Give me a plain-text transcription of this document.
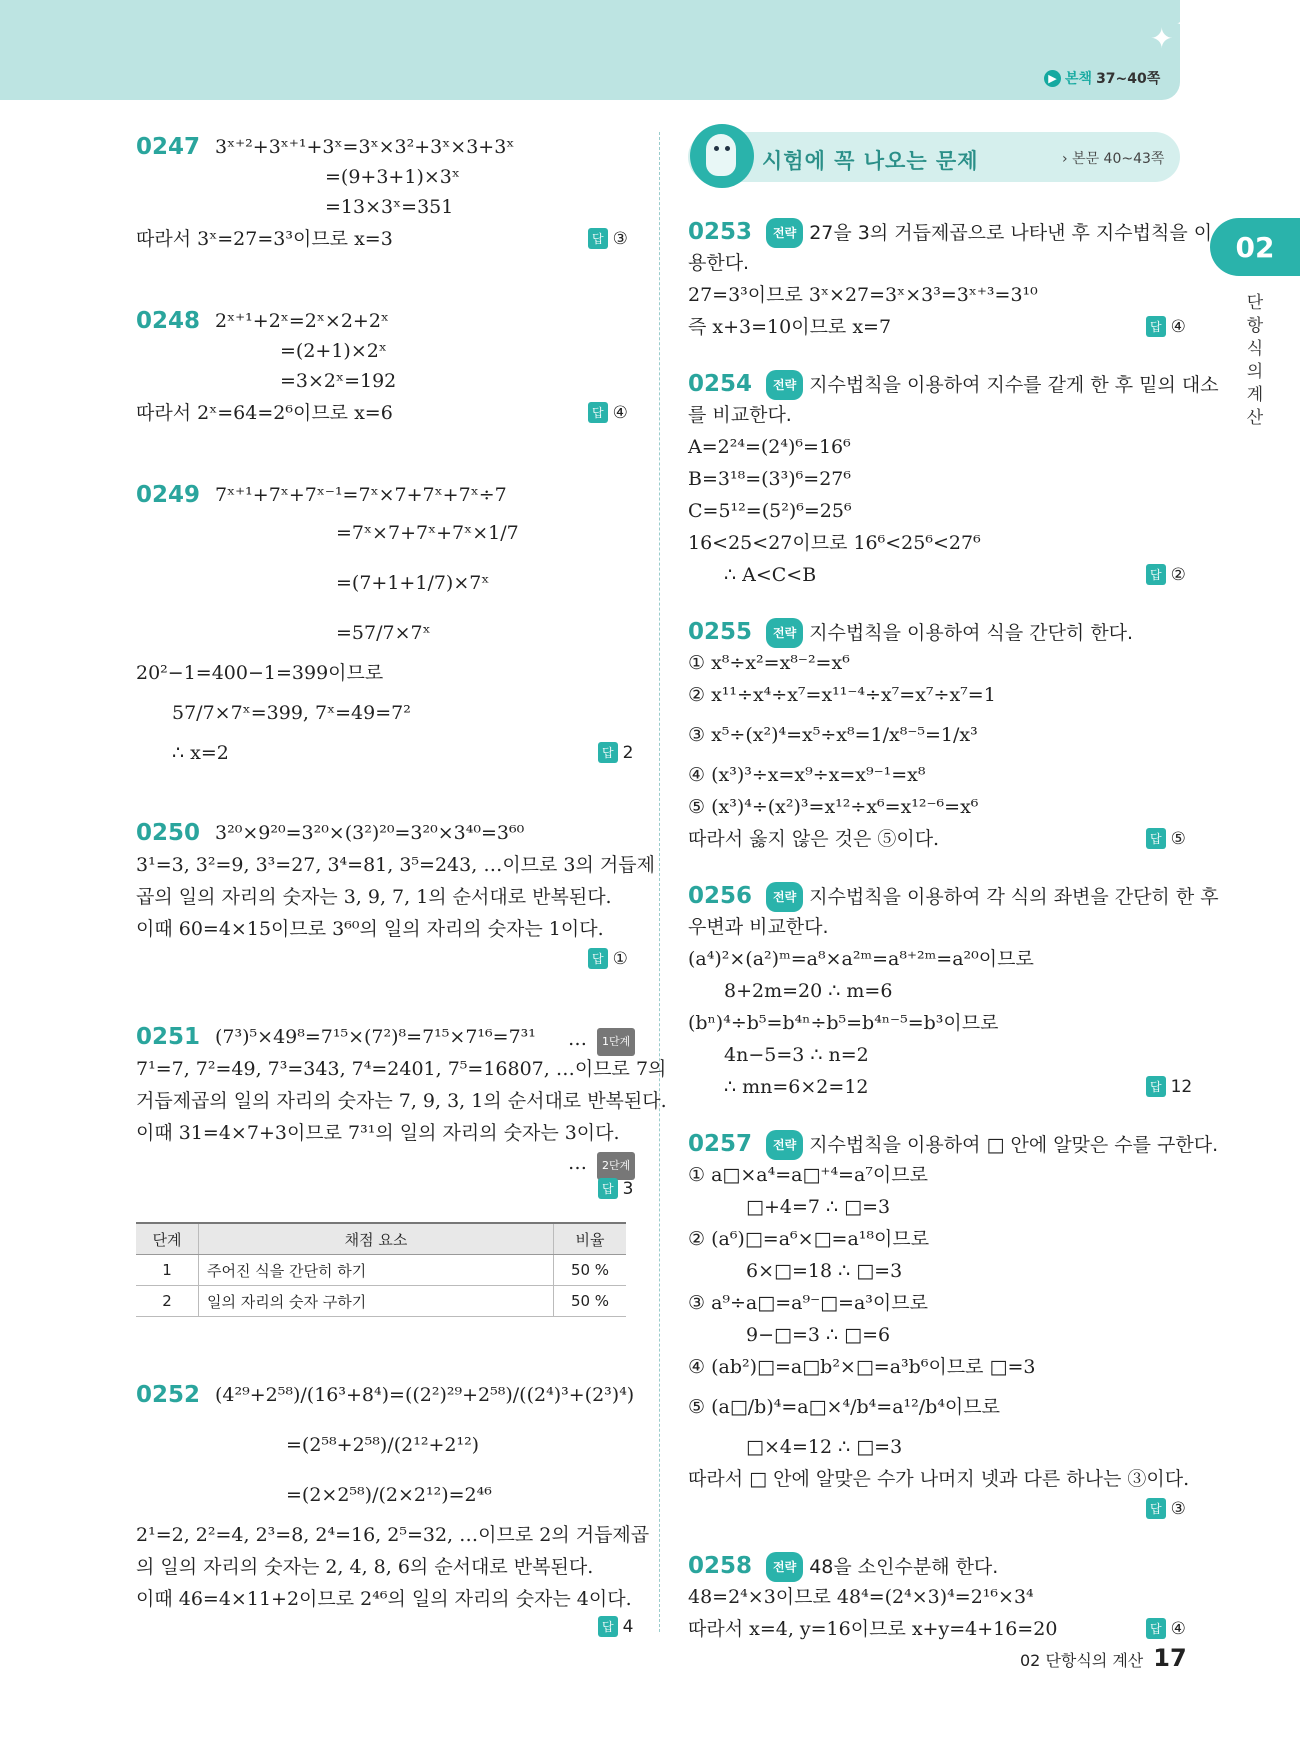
✦ ✦
▶ 본책 37~40쪽
02
단항식의 계산
시험에 꼭 나오는 문제	› 본문 40~43쪽
0247 3ˣ⁺²+3ˣ⁺¹+3ˣ=3ˣ×3²+3ˣ×3+3ˣ
=(9+3+1)×3ˣ
=13×3ˣ=351
따라서 3ˣ=27=3³이므로 x=3
0248 2ˣ⁺¹+2ˣ=2ˣ×2+2ˣ
=(2+1)×2ˣ
=3×2ˣ=192
따라서 2ˣ=64=2⁶이므로 x=6
0249 7ˣ⁺¹+7ˣ+7ˣ⁻¹=7ˣ×7+7ˣ+7ˣ÷7
=7ˣ×7+7ˣ+7ˣ×1/7
=(7+1+1/7)×7ˣ
=57/7×7ˣ
20²−1=400−1=399이므로
57/7×7ˣ=399, 7ˣ=49=7²
∴ x=2
0250 3²⁰×9²⁰=3²⁰×(3²)²⁰=3²⁰×3⁴⁰=3⁶⁰
3¹=3, 3²=9, 3³=27, 3⁴=81, 3⁵=243, …이므로 3의 거듭제
곱의 일의 자리의 숫자는 3, 9, 7, 1의 순서대로 반복된다.
이때 60=4×15이므로 3⁶⁰의 일의 자리의 숫자는 1이다.
0251 (7³)⁵×49⁸=7¹⁵×(7²)⁸=7¹⁵×7¹⁶=7³¹
7¹=7, 7²=49, 7³=343, 7⁴=2401, 7⁵=16807, …이므로 7의
거듭제곱의 일의 자리의 숫자는 7, 9, 3, 1의 순서대로 반복된다.
이때 31=4×7+3이므로 7³¹의 일의 자리의 숫자는 3이다.
0252 (4²⁹+2⁵⁸)/(16³+8⁴)=((2²)²⁹+2⁵⁸)/((2⁴)³+(2³)⁴)
=(2⁵⁸+2⁵⁸)/(2¹²+2¹²)
=(2×2⁵⁸)/(2×2¹²)=2⁴⁶
2¹=2, 2²=4, 2³=8, 2⁴=16, 2⁵=32, …이므로 2의 거듭제곱
의 일의 자리의 숫자는 2, 4, 8, 6의 순서대로 반복된다.
이때 46=4×11+2이므로 2⁴⁶의 일의 자리의 숫자는 4이다.
… 1단계
… 2단계
답 ③
답 ④
답 2
답 ①
답 3
답 4
0253 전략 27을 3의 거듭제곱으로 나타낸 후 지수법칙을 이
용한다.
27=3³이므로 3ˣ×27=3ˣ×3³=3ˣ⁺³=3¹⁰
즉 x+3=10이므로 x=7
0254 전략 지수법칙을 이용하여 지수를 같게 한 후 밑의 대소
를 비교한다.
A=2²⁴=(2⁴)⁶=16⁶
B=3¹⁸=(3³)⁶=27⁶
C=5¹²=(5²)⁶=25⁶
16<25<27이므로 16⁶<25⁶<27⁶
∴ A<C<B
0255 전략 지수법칙을 이용하여 식을 간단히 한다.
① x⁸÷x²=x⁸⁻²=x⁶
② x¹¹÷x⁴÷x⁷=x¹¹⁻⁴÷x⁷=x⁷÷x⁷=1
③ x⁵÷(x²)⁴=x⁵÷x⁸=1/x⁸⁻⁵=1/x³
④ (x³)³÷x=x⁹÷x=x⁹⁻¹=x⁸
⑤ (x³)⁴÷(x²)³=x¹²÷x⁶=x¹²⁻⁶=x⁶
따라서 옳지 않은 것은 ⑤이다.
0256 전략 지수법칙을 이용하여 각 식의 좌변을 간단히 한 후
우변과 비교한다.
(a⁴)²×(a²)ᵐ=a⁸×a²ᵐ=a⁸⁺²ᵐ=a²⁰이므로
8+2m=20 ∴ m=6
(bⁿ)⁴÷b⁵=b⁴ⁿ÷b⁵=b⁴ⁿ⁻⁵=b³이므로
4n−5=3 ∴ n=2
∴ mn=6×2=12
0257 전략 지수법칙을 이용하여 □ 안에 알맞은 수를 구한다.
① a□×a⁴=a□⁺⁴=a⁷이므로
□+4=7 ∴ □=3
② (a⁶)□=a⁶×□=a¹⁸이므로
6×□=18 ∴ □=3
③ a⁹÷a□=a⁹⁻□=a³이므로
9−□=3 ∴ □=6
④ (ab²)□=a□b²×□=a³b⁶이므로 □=3
⑤ (a□/b)⁴=a□×⁴/b⁴=a¹²/b⁴이므로
□×4=12 ∴ □=3
따라서 □ 안에 알맞은 수가 나머지 넷과 다른 하나는 ③이다.
0258 전략 48을 소인수분해 한다.
48=2⁴×3이므로 48⁴=(2⁴×3)⁴=2¹⁶×3⁴
따라서 x=4, y=16이므로 x+y=4+16=20
답 ④
답 ②
답 ⑤
답 12
답 ③
답 ④
단계	채점 요소	비율
1	주어진 식을 간단히 하기	50 %
2	일의 자리의 숫자 구하기	50 %
02 단항식의 계산 17
